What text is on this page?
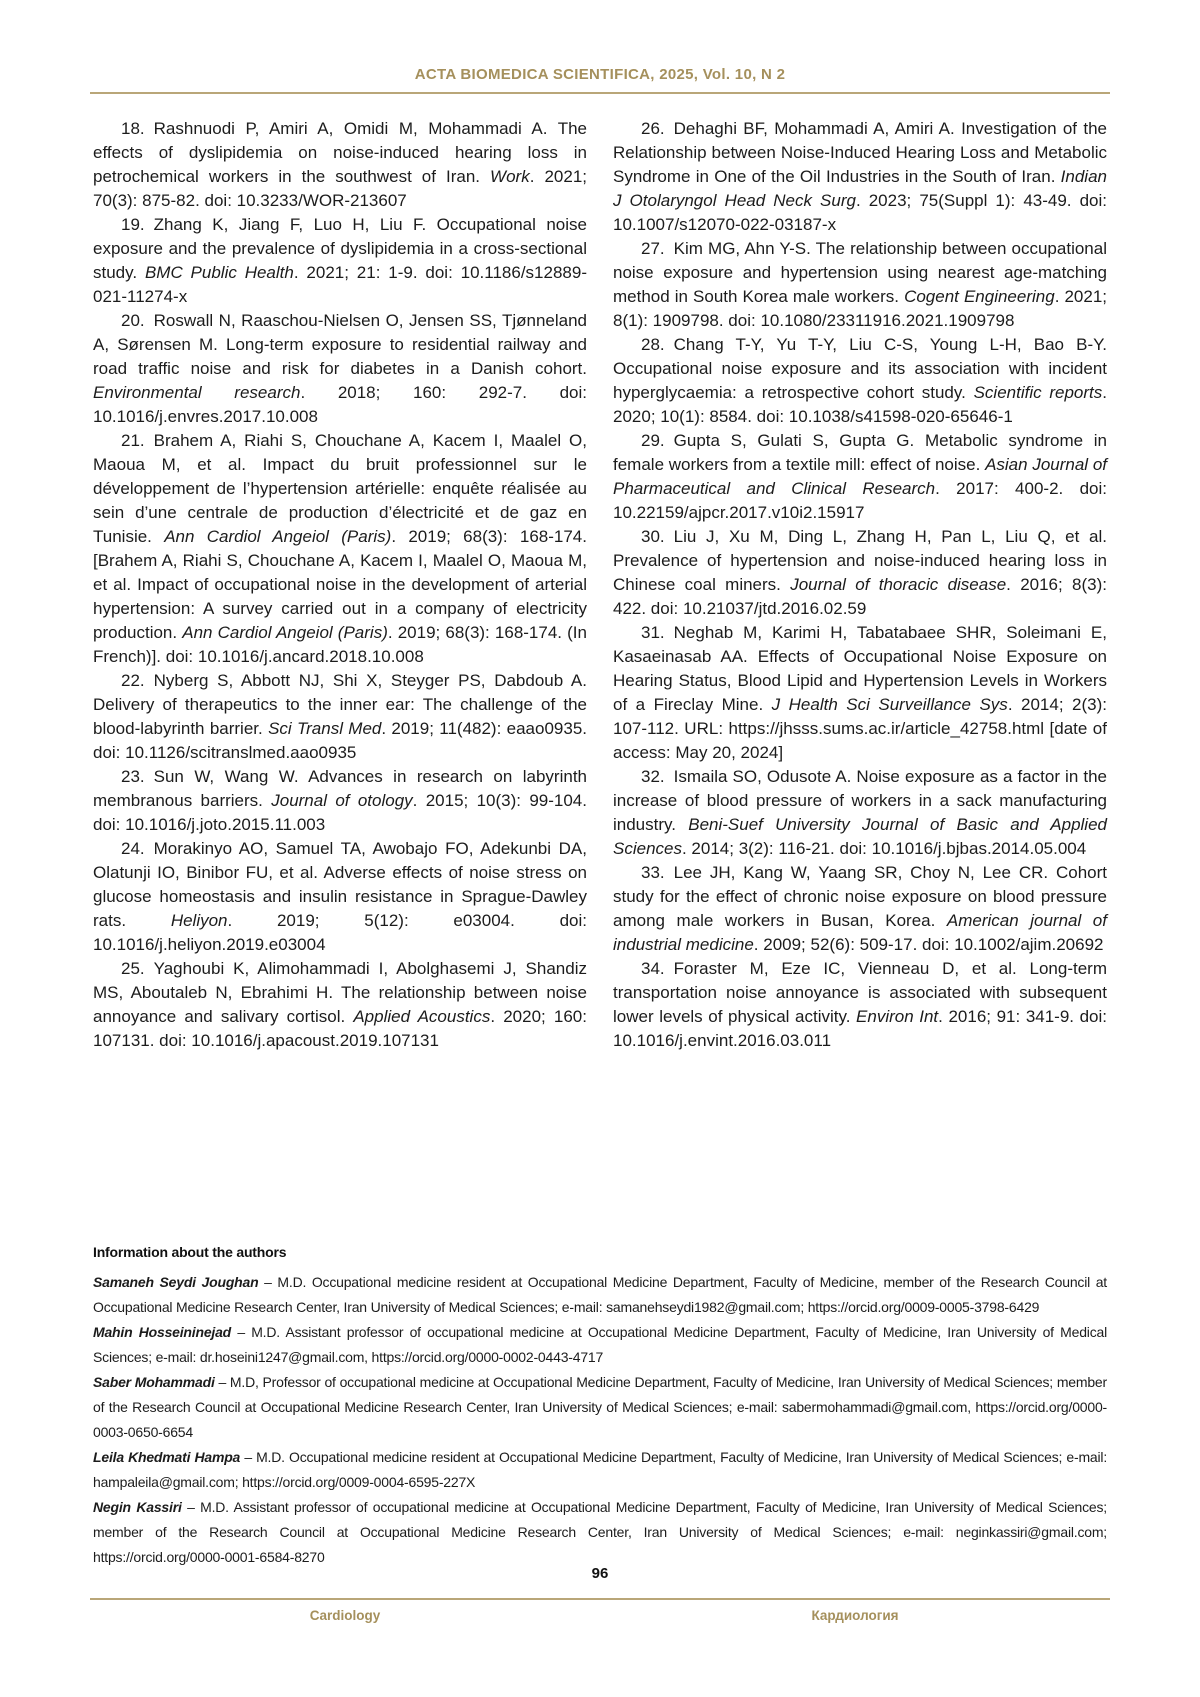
ACTA BIOMEDICA SCIENTIFICA, 2025, Vol. 10, N 2

18. Rashnuodi P, Amiri A, Omidi M, Mohammadi A. The effects of dyslipidemia on noise-induced hearing loss in petrochemical workers in the southwest of Iran. Work. 2021; 70(3): 875-82. doi: 10.3233/WOR-213607

19. Zhang K, Jiang F, Luo H, Liu F. Occupational noise exposure and the prevalence of dyslipidemia in a cross-sectional study. BMC Public Health. 2021; 21: 1-9. doi: 10.1186/s12889-021-11274-x

20. Roswall N, Raaschou-Nielsen O, Jensen SS, Tjønneland A, Sørensen M. Long-term exposure to residential railway and road traffic noise and risk for diabetes in a Danish cohort. Environmental research. 2018; 160: 292-7. doi: 10.1016/j.envres.2017.10.008

21. Brahem A, Riahi S, Chouchane A, Kacem I, Maalel O, Maoua M, et al. Impact du bruit professionnel sur le développement de l’hypertension artérielle: enquête réalisée au sein d’une centrale de production d’électricité et de gaz en Tunisie. Ann Cardiol Angeiol (Paris). 2019; 68(3): 168-174. [Brahem A, Riahi S, Chouchane A, Kacem I, Maalel O, Maoua M, et al. Impact of occupational noise in the development of arterial hypertension: A survey carried out in a company of electricity production. Ann Cardiol Angeiol (Paris). 2019; 68(3): 168-174. (In French)]. doi: 10.1016/j.ancard.2018.10.008

22. Nyberg S, Abbott NJ, Shi X, Steyger PS, Dabdoub A. Delivery of therapeutics to the inner ear: The challenge of the blood-labyrinth barrier. Sci Transl Med. 2019; 11(482): eaao0935. doi: 10.1126/scitranslmed.aao0935

23. Sun W, Wang W. Advances in research on labyrinth membranous barriers. Journal of otology. 2015; 10(3): 99-104. doi: 10.1016/j.joto.2015.11.003

24. Morakinyo AO, Samuel TA, Awobajo FO, Adekunbi DA, Olatunji IO, Binibor FU, et al. Adverse effects of noise stress on glucose homeostasis and insulin resistance in Sprague-Dawley rats. Heliyon. 2019; 5(12): e03004. doi: 10.1016/j.heliyon.2019.e03004

25. Yaghoubi K, Alimohammadi I, Abolghasemi J, Shandiz MS, Aboutaleb N, Ebrahimi H. The relationship between noise annoyance and salivary cortisol. Applied Acoustics. 2020; 160: 107131. doi: 10.1016/j.apacoust.2019.107131

26. Dehaghi BF, Mohammadi A, Amiri A. Investigation of the Relationship between Noise-Induced Hearing Loss and Metabolic Syndrome in One of the Oil Industries in the South of Iran. Indian J Otolaryngol Head Neck Surg. 2023; 75(Suppl 1): 43-49. doi: 10.1007/s12070-022-03187-x

27. Kim MG, Ahn Y-S. The relationship between occupational noise exposure and hypertension using nearest age-matching method in South Korea male workers. Cogent Engineering. 2021; 8(1): 1909798. doi: 10.1080/23311916.2021.1909798

28. Chang T-Y, Yu T-Y, Liu C-S, Young L-H, Bao B-Y. Occupational noise exposure and its association with incident hyperglycaemia: a retrospective cohort study. Scientific reports. 2020; 10(1): 8584. doi: 10.1038/s41598-020-65646-1

29. Gupta S, Gulati S, Gupta G. Metabolic syndrome in female workers from a textile mill: effect of noise. Asian Journal of Pharmaceutical and Clinical Research. 2017: 400-2. doi: 10.22159/ajpcr.2017.v10i2.15917

30. Liu J, Xu M, Ding L, Zhang H, Pan L, Liu Q, et al. Prevalence of hypertension and noise-induced hearing loss in Chinese coal miners. Journal of thoracic disease. 2016; 8(3): 422. doi: 10.21037/jtd.2016.02.59

31. Neghab M, Karimi H, Tabatabaee SHR, Soleimani E, Kasaeinasab AA. Effects of Occupational Noise Exposure on Hearing Status, Blood Lipid and Hypertension Levels in Workers of a Fireclay Mine. J Health Sci Surveillance Sys. 2014; 2(3): 107-112. URL: https://jhsss.sums.ac.ir/article_42758.html [date of access: May 20, 2024]

32. Ismaila SO, Odusote A. Noise exposure as a factor in the increase of blood pressure of workers in a sack manufacturing industry. Beni-Suef University Journal of Basic and Applied Sciences. 2014; 3(2): 116-21. doi: 10.1016/j.bjbas.2014.05.004

33. Lee JH, Kang W, Yaang SR, Choy N, Lee CR. Cohort study for the effect of chronic noise exposure on blood pressure among male workers in Busan, Korea. American journal of industrial medicine. 2009; 52(6): 509-17. doi: 10.1002/ajim.20692

34. Foraster M, Eze IC, Vienneau D, et al. Long-term transportation noise annoyance is associated with subsequent lower levels of physical activity. Environ Int. 2016; 91: 341-9. doi: 10.1016/j.envint.2016.03.011

Information about the authors

Samaneh Seydi Joughan – M.D. Occupational medicine resident at Occupational Medicine Department, Faculty of Medicine, member of the Research Council at Occupational Medicine Research Center, Iran University of Medical Sciences; e-mail: samanehseydi1982@gmail.com; https://orcid.org/0009-0005-3798-6429

Mahin Hosseininejad – M.D. Assistant professor of occupational medicine at Occupational Medicine Department, Faculty of Medicine, Iran University of Medical Sciences; e-mail: dr.hoseini1247@gmail.com, https://orcid.org/0000-0002-0443-4717

Saber Mohammadi – M.D, Professor of occupational medicine at Occupational Medicine Department, Faculty of Medicine, Iran University of Medical Sciences; member of the Research Council at Occupational Medicine Research Center, Iran University of Medical Sciences; e-mail: sabermohammadi@gmail.com, https://orcid.org/0000-0003-0650-6654

Leila Khedmati Hampa – M.D. Occupational medicine resident at Occupational Medicine Department, Faculty of Medicine, Iran University of Medical Sciences; e-mail: hampaleila@gmail.com; https://orcid.org/0009-0004-6595-227X

Negin Kassiri – M.D. Assistant professor of occupational medicine at Occupational Medicine Department, Faculty of Medicine, Iran University of Medical Sciences; member of the Research Council at Occupational Medicine Research Center, Iran University of Medical Sciences; e-mail: neginkassiri@gmail.com; https://orcid.org/0000-0001-6584-8270

96
Cardiology	Кардиология
